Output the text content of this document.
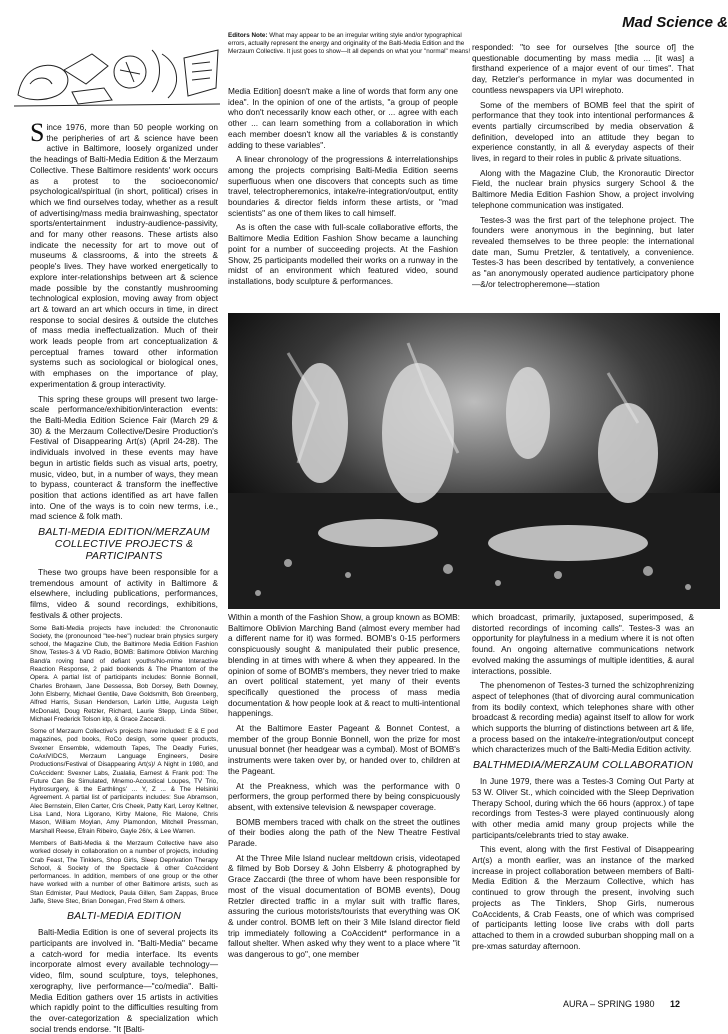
Mad Science &
Editors Note: What may appear to be an irregular writing style and/or typographical errors, actually represent the energy and originality of the Balti-Media Edition and the Merzaum Collective. It just goes to show—It all depends on what your "normal" means!

Since 1976, more than 50 people working on the peripheries of art & science have been active in Baltimore, loosely organized under the headings of Balti-Media Edition & the Merzaum Collective. These Baltimore residents' work occurs as a protest to the socioeconomic/ psychological/spiritual (in short, political) crises in which we find ourselves today, whether as a result of advertising/mass media brainwashing, spectator sports/entertainment industry-audience-passivity, and for many other reasons. These artists also indicate the necessity for art to move out of museums & classrooms, & into the streets & people's lives. They have worked energetically to explore inter-relationships between art & science made possible by the constantly mushrooming technological explosion, moving away from object art & toward an art which occurs in time, in direct response to social desires & outside the clutches of mass media ineffectualization. Much of their work leads people from art conceptualization & perceptual frames toward other information systems such as sociological or biological ones, with emphases on the importance of play, experimentation & group interactivity.

This spring these groups will present two large-scale performance/exhibition/interaction events: the Balti-Media Edition Science Fair (March 29 & 30) & the Merzaum Collective/Desire Production's Festival of Disappearing Art(s) (April 24-28). The individuals involved in these events may have begun in artistic fields such as visual arts, poetry, music, video, but, in a number of ways, they mean to bypass, counteract & transform the ineffective position that actions identified as art have fallen into. One of the ways is to coin new terms, i.e., mad science & folk math.

BALTI-MEDIA EDITION/MERZAUM COLLECTIVE PROJECTS & PARTICIPANTS

These two groups have been responsible for a tremendous amount of activity in Baltimore & elsewhere, including publications, performances, films, video & sound recordings, exhibitions, festivals & other projects.

Some Balti-Media projects have included: the Chrononautic Society, the (pronounced "tee-hee") nuclear brain physics surgery school, the Magazine Club, the Baltimore Media Edition Fashion Show, Testes-3 & VD Radio, BOMB: Baltimore Oblivion Marching Band/a roving band of defiant youths/No-mime Interactive Reaction Response, 2 paid bookends & The Phantom of the Opera. A partial list of participants includes: Bonnie Bonnell, Charles Brohawn, Jane Dessessa, Bob Dorsey, Beth Downey, John Elsberry, Michael Gentile, Dave Goldsmith, Bob Greenberg, Alfred Harris, Susan Henderson, Larkin Little, Augusta Leigh McDonald, Doug Retzler, Richard, Laurie Stepp, Linda Stiber, Michael Frederick Tolson ktp, & Grace Zaccardi.

Some of Merzaum Collective's projects have included: E & E pod magazines, pod books, RoCo design, some queer products, Svexner Ensemble, widemouth Tapes, The Deadly Furies, CoAxiVIDCS, Merzaum Language Engineers, Desire Productions/Festival of Disappearing Art(s)/ A Night in 1980, and CoAccident: Svexner Labs, Zualalia, Earnest & Frank pod: The Future Can Be Simulated, Mnemo-Acoustical Loupes, TV Trio, Hydrosurgery, & the Earthlings' ... Y, Z ... & The Helsinki Agreement. A partial list of participants includes: Sue Abramson, Alec Bernstein, Ellen Carter, Cris Cheek, Patty Karl, Leroy Keltner, Lisa Land, Nora Ligorano, Kirby Malone, Ric Malone, Chris Mason, William Moylan, Amy Plamondon, Mitchell Pressman, Marshall Reese, Efrain Ribeiro, Gayle 26/x, & Lee Warren.

Members of Balti-Media & the Merzaum Collective have also worked closely in collaboration on a number of projects, including Crab Feast, The Tinklers, Shop Girls, Sleep Deprivation Therapy School, & Society of the Spectacle & other CoAccident performances. In addition, members of one group or the other have worked with a number of other Baltimore artists, such as Stan Edmister, Paul Medlock, Paula Gillen, Sam Zappas, Bruce Jaffe, Steve Stec, Brian Donegan, Fred Stern & others.

BALTI-MEDIA EDITION

Balti-Media Edition is one of several projects its participants are involved in. "Balti-Media" became a catch-word for media interface. Its events incorporate almost every available technology—video, film, sound sculpture, toys, telephones, xerography, live performance—"co/media". Balti-Media Edition gathers over 15 artists in activities which rapidly point to the difficulties resulting from the over-categorization & specialization which social trends endorse. "It [Balti-

Media Edition] doesn't make a line of words that form any one idea". In the opinion of one of the artists, "a group of people who don't necessarily know each other, or ... agree with each other ... can learn something from a collaboration in which each member doesn't know all the variables & is constantly adding to these variables".

A linear chronology of the progressions & interrelationships among the projects comprising Balti-Media Edition seems superfluous when one discovers that concepts such as time travel, telectropheremonics, intake/re-integration/output, entity boundaries & director fields inform these artists, or "mad scientists" as one of them likes to call himself.

As is often the case with full-scale collaborative efforts, the Baltimore Media Edition Fashion Show became a launching point for a number of succeeding projects. At the Fashion Show, 25 participants modelled their works on a runway in the midst of an environment which featured video, sound installations, body sculpture & performances.

responded: "to see for ourselves [the source of] the questionable documenting by mass media ... [it was] a firsthand experience of a major event of our times". That day, Retzler's performance in mylar was documented in countless newspapers via UPI wirephoto.

Some of the members of BOMB feel that the spirit of performance that they took into intentional performances & events partially circumscribed by media observation & definition, developed into an attitude they began to experience constantly, in all & everyday aspects of their lives, in regard to their roles in public & private situations.

Along with the Magazine Club, the Kronorautic Director Field, the nuclear brain physics surgery School & the Baltimore Media Edition Fashion Show, a project involving telephone communication was instigated.

Testes-3 was the first part of the telephone project. The founders were anonymous in the beginning, but later revealed themselves to be three people: the international date man, Sumu Pretzler, & tentatively, a convenience. Testes-3 has been described by tentatively, a convenience as "an anonymously operated audience participatory phone—&/or telectropheremone—station

Within a month of the Fashion Show, a group known as BOMB: Baltimore Oblivion Marching Band (almost every member had a different name for it) was formed. BOMB's 0-15 performers conspicuously sought & manipulated their public presence, blending in at times with where & when they appeared. In the opinion of some of BOMB's members, they never tried to make an overt political statement, yet many of their events specifically questioned the process of mass media documentation & how people look at & react to multi-intentional happenings.

At the Baltimore Easter Pageant & Bonnet Contest, a member of the group Bonnie Bonnell, won the prize for most unusual bonnet (her headgear was a cymbal). Most of BOMB's instruments were taken over by, or handed over to, children at the Pageant.

At the Preakness, which was the performance with 0 performers, the group performed there by being conspicuously absent, with extensive television & newspaper coverage.

BOMB members traced with chalk on the street the outlines of their bodies along the path of the New Theatre Festival Parade.

At the Three Mile Island nuclear meltdown crisis, videotaped & filmed by Bob Dorsey & John Elsberry & photographed by Grace Zaccardi (the three of whom have been responsible for most of the visual documentation of BOMB events), Doug Retzler directed traffic in a mylar suit with traffic flares, assuring the curious motorists/tourists that everything was OK & under control. BOMB left on their 3 Mile Island director field trip immediately following a CoAccident* performance in a fallout shelter. When asked why they went to a place where "it was dangerous to go", one member

which broadcast, primarily, juxtaposed, superimposed, & distorted recordings of incoming calls". Testes-3 was an opportunity for playfulness in a medium where it is not often found. An ongoing alternative communications network evolved making the assumings of multiple identities, & aural interactions, possible.

The phenomenon of Testes-3 turned the schizophrenizing aspect of telephones (that of divorcing aural communication from its bodily context, which telephones share with other broadcast & recording media) against itself to allow for work which supports the blurring of distinctions between art & life, a process based on the intake/re-integration/output concept which characterizes much of the Balti-Media Edition activity.

BALTHMEDIA/MERZAUM COLLABORATION

In June 1979, there was a Testes-3 Coming Out Party at 53 W. Oliver St., which coincided with the Sleep Deprivation Therapy School, during which the 66 hours (approx.) of tape recordings from Testes-3 were played continuously along with other media amid many group projects while the participants/celebrants tried to stay awake.

This event, along with the first Festival of Disappearing Art(s) a month earlier, was an instance of the marked increase in project collaboration between members of Balti-Media Edition & the Merzaum Collective, which has continued to grow through the present, involving such projects as The Tinklers, Shop Girls, numerous CoAccidents, & Crab Feasts, one of which was comprised of participants letting loose live crabs with doll parts attached to them in a crowded suburban shopping mall on a pre-xmas saturday afternoon.

AURA – SPRING 1980 12
